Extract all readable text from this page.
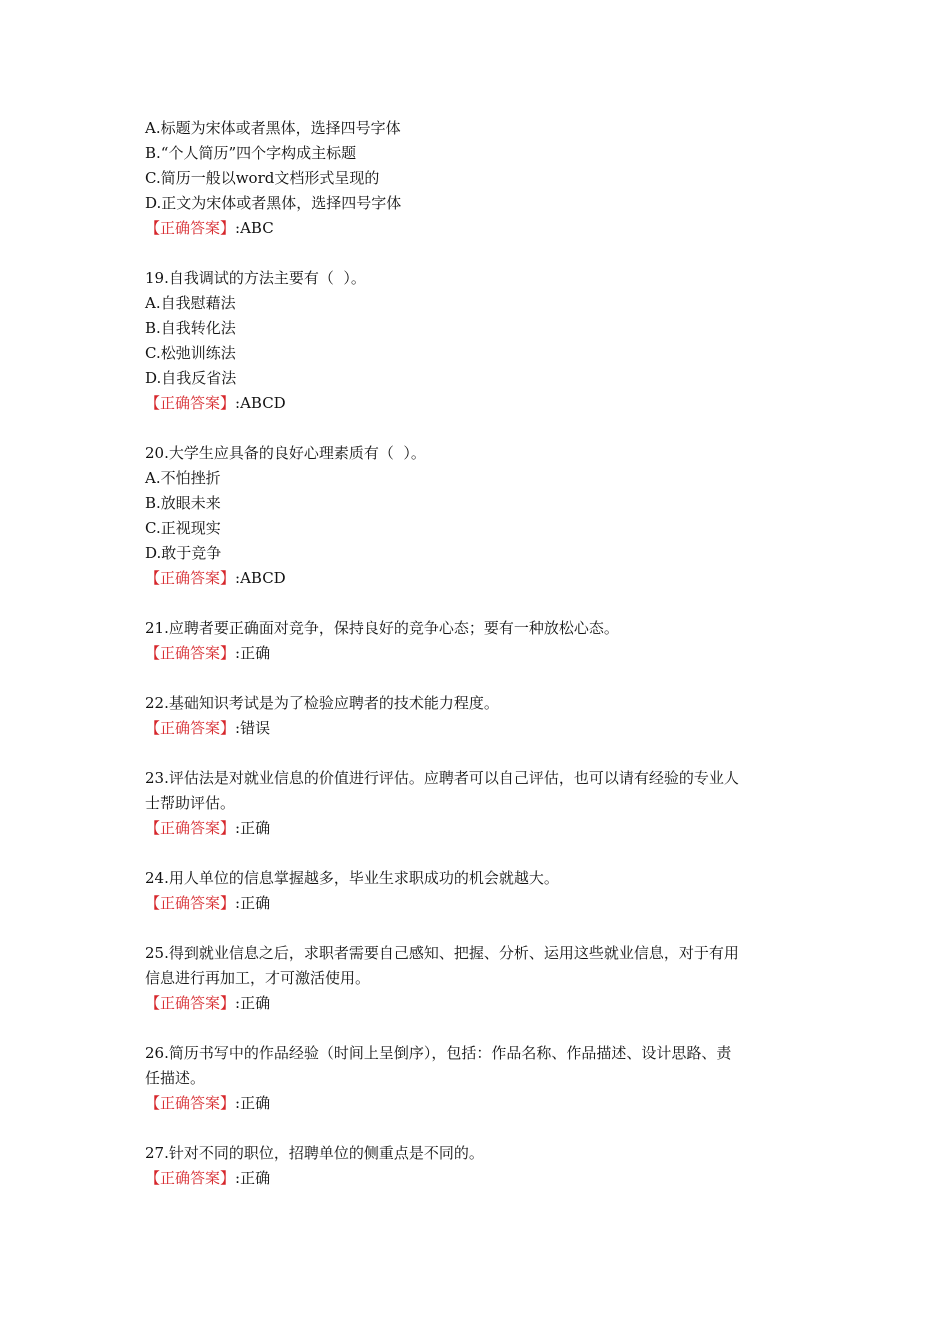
A.标题为宋体或者黑体，选择四号字体
B.“个人简历”四个字构成主标题
C.简历一般以word文档形式呈现的
D.正文为宋体或者黑体，选择四号字体
【正确答案】:ABC
19.自我调试的方法主要有（  ）。
A.自我慰藉法
B.自我转化法
C.松弛训练法
D.自我反省法
【正确答案】:ABCD
20.大学生应具备的良好心理素质有（  ）。
A.不怕挫折
B.放眼未来
C.正视现实
D.敢于竞争
【正确答案】:ABCD
21.应聘者要正确面对竞争，保持良好的竞争心态；要有一种放松心态。
【正确答案】:正确
22.基础知识考试是为了检验应聘者的技术能力程度。
【正确答案】:错误
23.评估法是对就业信息的价值进行评估。应聘者可以自己评估，也可以请有经验的专业人
士帮助评估。
【正确答案】:正确
24.用人单位的信息掌握越多，毕业生求职成功的机会就越大。
【正确答案】:正确
25.得到就业信息之后，求职者需要自己感知、把握、分析、运用这些就业信息，对于有用
信息进行再加工，才可激活使用。
【正确答案】:正确
26.简历书写中的作品经验（时间上呈倒序），包括：作品名称、作品描述、设计思路、责
任描述。
【正确答案】:正确
27.针对不同的职位，招聘单位的侧重点是不同的。
【正确答案】:正确
